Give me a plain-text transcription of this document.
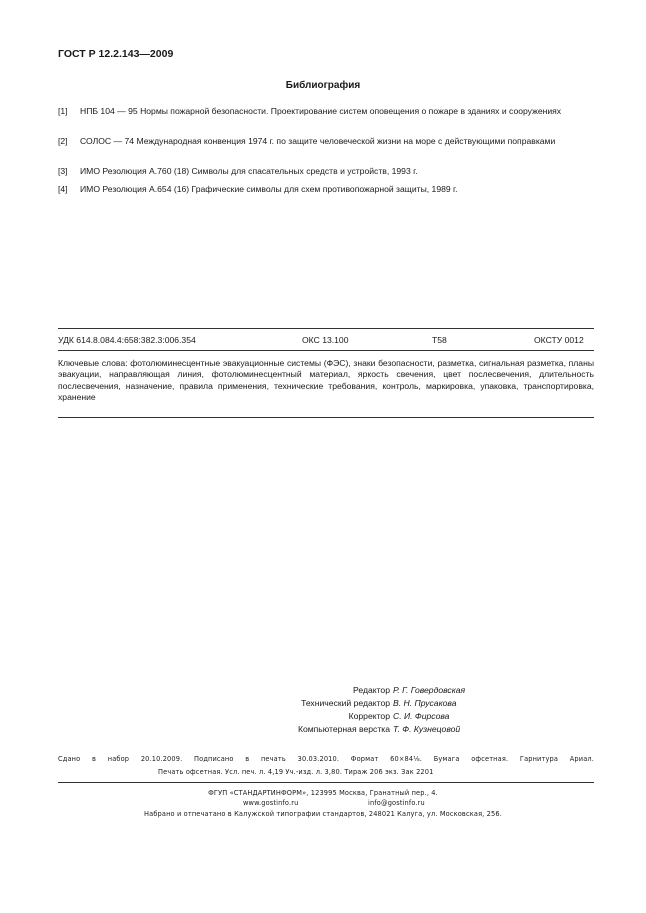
ГОСТ Р 12.2.143—2009
Библиография
[1]	НПБ 104 — 95 Нормы пожарной безопасности. Проектирование систем оповещения о пожаре в зданиях и сооружениях
[2]	СОЛОС — 74 Международная конвенция 1974 г. по защите человеческой жизни на море с действующими поправками
[3]	ИМО Резолюция А.760 (18) Символы для спасательных средств и устройств, 1993 г.
[4]	ИМО Резолюция А.654 (16) Графические символы для схем противопожарной защиты, 1989 г.
УДК 614.8.084.4:658:382.3:006.354	ОКС 13.100	Т58	ОКСТУ 0012
Ключевые слова: фотолюминесцентные эвакуационные системы (ФЭС), знаки безопасности, разметка, сигнальная разметка, планы эвакуации, направляющая линия, фотолюминесцентный материал, яркость свечения, цвет послесвечения, длительность послесвечения, назначение, правила применения, технические требования, контроль, маркировка, упаковка, транспортировка, хранение
Редактор Р. Г. Говердовская
Технический редактор В. Н. Прусакова
Корректор С. И. Фирсова
Компьютерная верстка Т. Ф. Кузнецовой
Сдано в набор 20.10.2009. Подписано в печать 30.03.2010. Формат 60×84⅛. Бумага офсетная. Гарнитура Ариал.
Печать офсетная. Усл. печ. л. 4,19 Уч.-изд. л. 3,80. Тираж 206 экз. Зак 2201
ФГУП «СТАНДАРТИНФОРМ», 123995 Москва, Гранатный пер., 4.
www.gostinfo.ru	info@gostinfo.ru
Набрано и отпечатано в Калужской типографии стандартов, 248021 Калуга, ул. Московская, 256.
